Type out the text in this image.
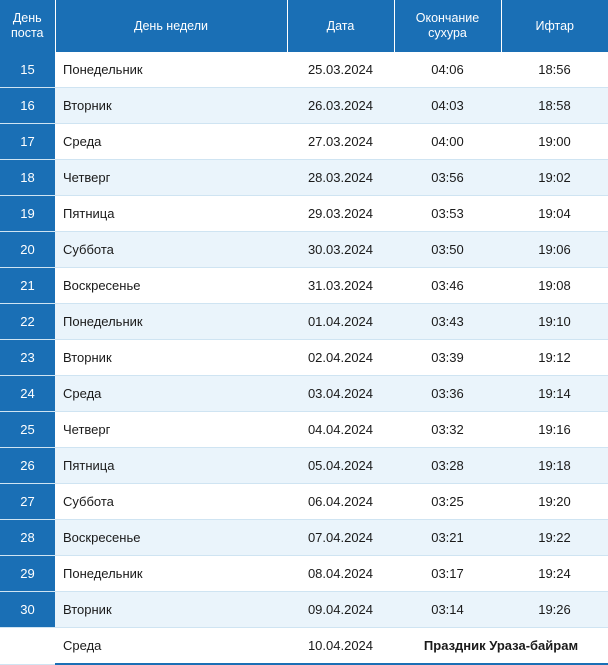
День поста	День недели	Дата	Окончание сухура	Ифтар
15	Понедельник	25.03.2024	04:06	18:56
16	Вторник	26.03.2024	04:03	18:58
17	Среда	27.03.2024	04:00	19:00
18	Четверг	28.03.2024	03:56	19:02
19	Пятница	29.03.2024	03:53	19:04
20	Суббота	30.03.2024	03:50	19:06
21	Воскресенье	31.03.2024	03:46	19:08
22	Понедельник	01.04.2024	03:43	19:10
23	Вторник	02.04.2024	03:39	19:12
24	Среда	03.04.2024	03:36	19:14
25	Четверг	04.04.2024	03:32	19:16
26	Пятница	05.04.2024	03:28	19:18
27	Суббота	06.04.2024	03:25	19:20
28	Воскресенье	07.04.2024	03:21	19:22
29	Понедельник	08.04.2024	03:17	19:24
30	Вторник	09.04.2024	03:14	19:26
	Среда	10.04.2024	Праздник Ураза-байрам	
